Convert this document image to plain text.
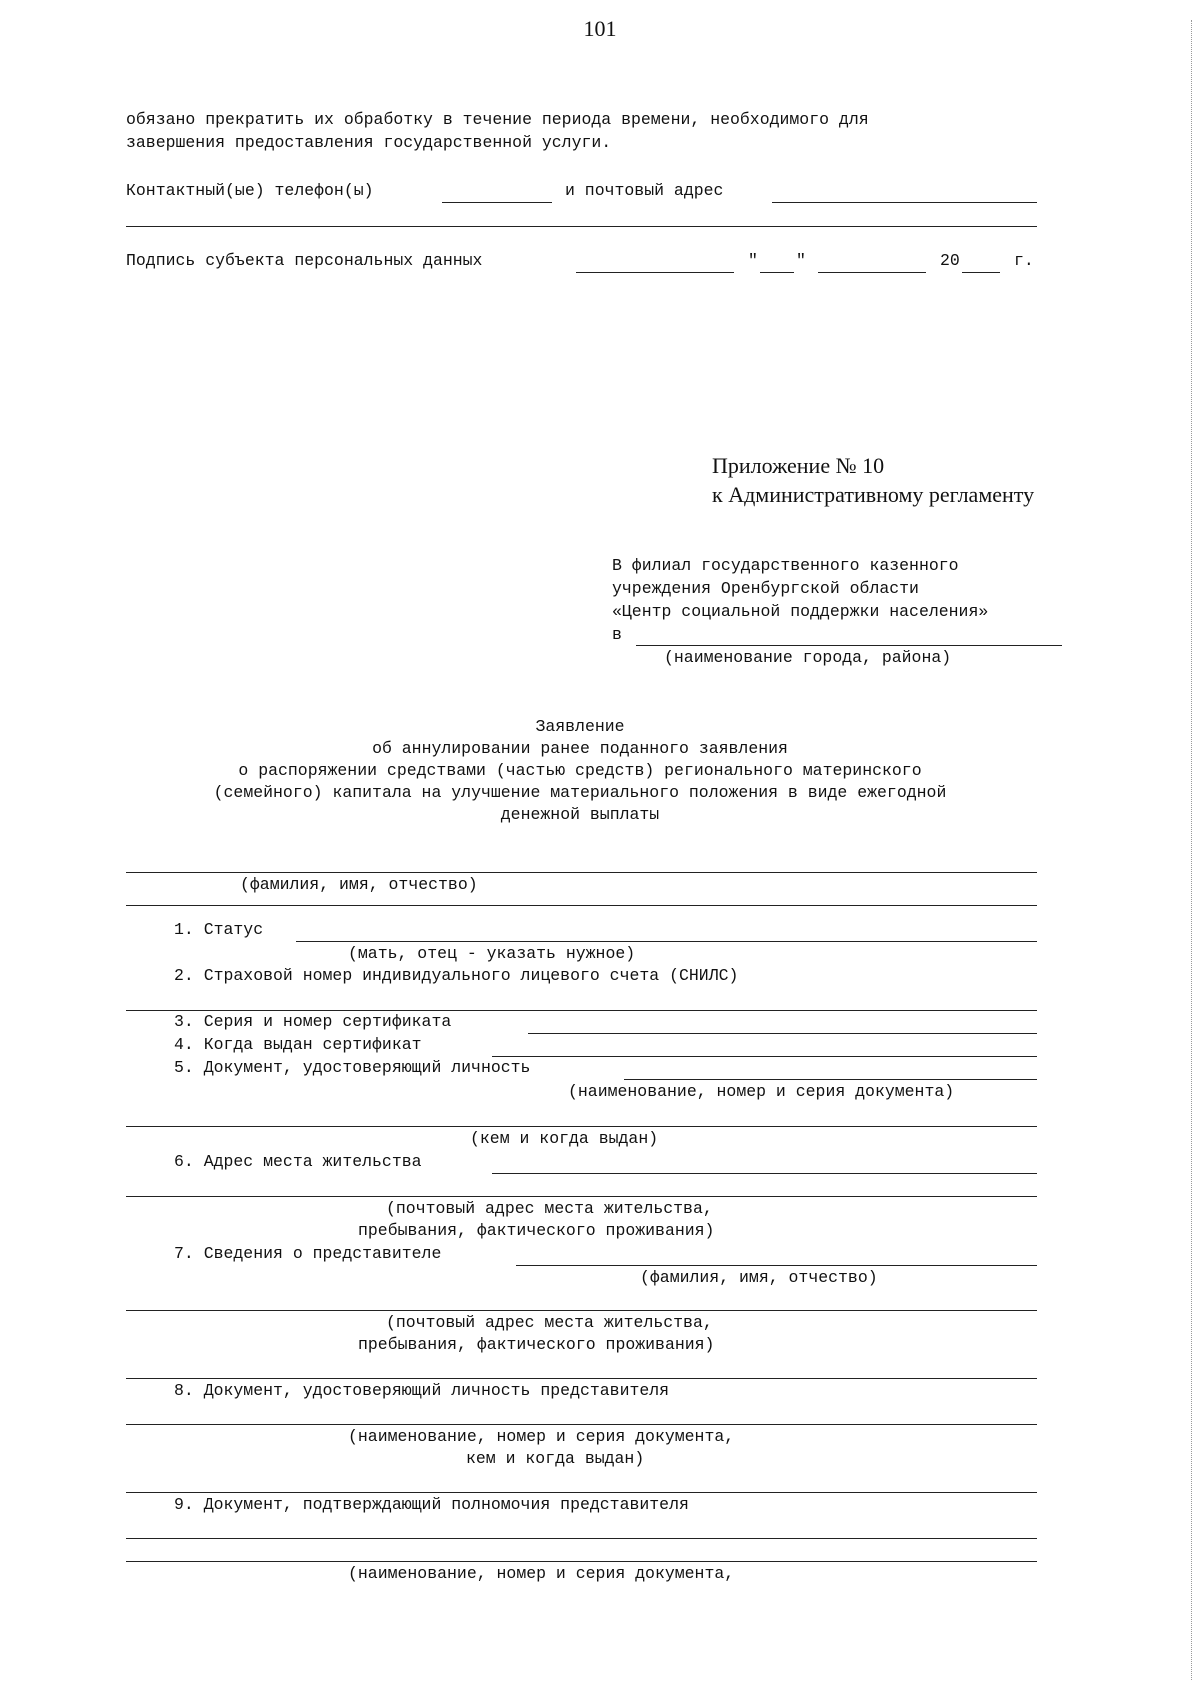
101
обязано прекратить их обработку в течение периода времени, необходимого для
завершения предоставления государственной услуги.
Контактный(ые) телефон(ы)	и почтовый адрес
Подпись субъекта персональных данных	" "	20	г.
Приложение № 10
к Административному регламенту
В филиал государственного казенного
учреждения Оренбургской области
«Центр социальной поддержки населения»
в
(наименование города, района)
Заявление
об аннулировании ранее поданного заявления
о распоряжении средствами (частью средств) регионального материнского
(семейного) капитала на улучшение материального положения в виде ежегодной
денежной выплаты
(фамилия, имя, отчество)
1. Статус
(мать, отец - указать нужное)
2. Страховой номер индивидуального лицевого счета (СНИЛС)
3. Серия и номер сертификата
4. Когда выдан сертификат
5. Документ, удостоверяющий личность
(наименование, номер и серия документа)
(кем и когда выдан)
6. Адрес места жительства
(почтовый адрес места жительства,
пребывания, фактического проживания)
7. Сведения о представителе
(фамилия, имя, отчество)
(почтовый адрес места жительства,
пребывания, фактического проживания)
8. Документ, удостоверяющий личность представителя
(наименование, номер и серия документа,
кем и когда выдан)
9. Документ, подтверждающий полномочия представителя
(наименование, номер и серия документа,
